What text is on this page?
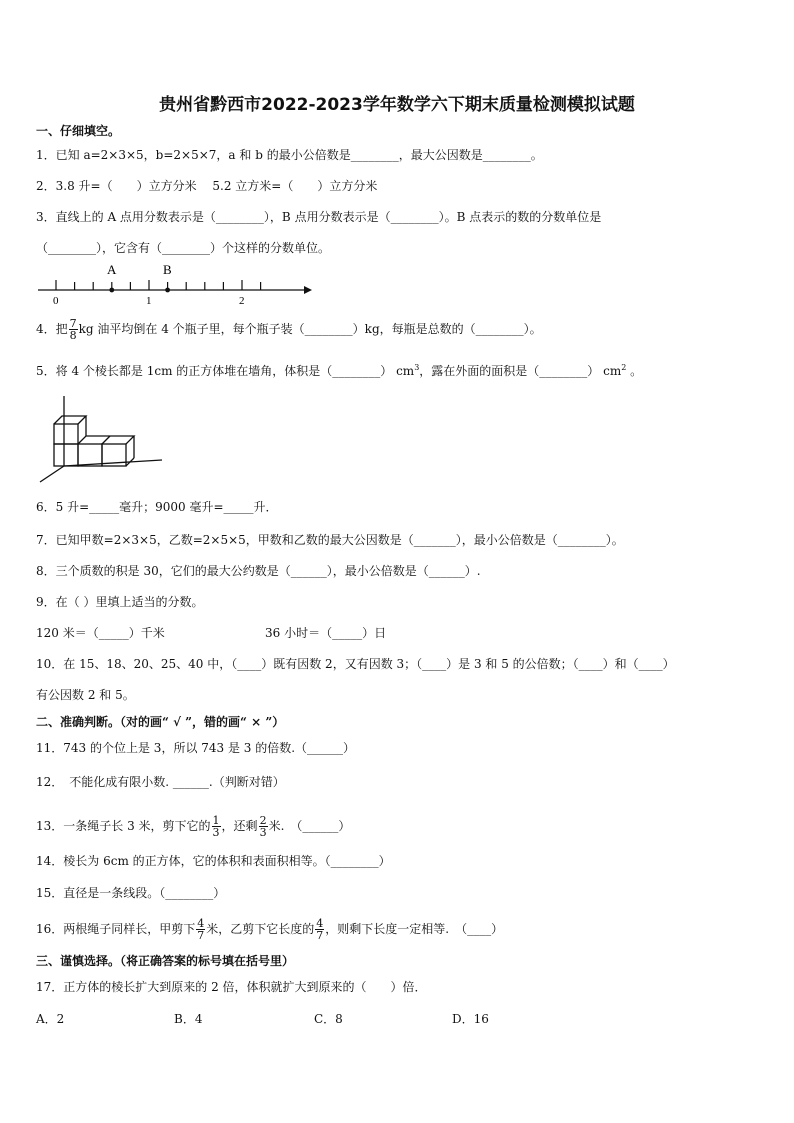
贵州省黔西市2022-2023学年数学六下期末质量检测模拟试题
一、仔细填空。
1．已知 a=2×3×5，b=2×5×7，a 和 b 的最小公倍数是________，最大公因数是________。
2．3.8 升=（　　）立方分米　 5.2 立方米=（　　）立方分米
3．直线上的 A 点用分数表示是（________），B 点用分数表示是（________）。B 点表示的数的分数单位是
（________），它含有（________）个这样的分数单位。
A	B
0	1	2
4．把 $\frac{7}{8}$ kg 油平均倒在 4 个瓶子里，每个瓶子装（________）kg，每瓶是总数的（________）。
5．将 4 个棱长都是 1cm 的正方体堆在墙角，体积是（________） $cm^3$，露在外面的面积是（________） $cm^2$ 。
6．5 升=_____毫升；9000 毫升=_____升．
7．已知甲数=2×3×5，乙数=2×5×5，甲数和乙数的最大公因数是（_______），最小公倍数是（________）。
8．三个质数的积是 30，它们的最大公约数是（______），最小公倍数是（______）.
9．在（ ）里填上适当的分数。
120 米＝（_____）千米	36 小时＝（_____）日
10．在 15、18、20、25、40 中，（____）既有因数 2，又有因数 3；（____）是 3 和 5 的公倍数；（____）和（____）
有公因数 2 和 5。
二、准确判断。（对的画“ √ ”，错的画“ × ”）
11．743 的个位上是 3，所以 743 是 3 的倍数.（______）
12．　不能化成有限小数. ______.（判断对错）
13．一条绳子长 3 米，剪下它的 $\frac{1}{3}$ ，还剩 $\frac{2}{3}$ 米.　（______）
14．棱长为 6cm 的正方体，它的体积和表面积相等。（________）
15．直径是一条线段。（________）
16．两根绳子同样长，甲剪下 $\frac{4}{7}$ 米，乙剪下它长度的 $\frac{4}{7}$ ，则剩下长度一定相等.　（____）
三、谨慎选择。（将正确答案的标号填在括号里）
17．正方体的棱长扩大到原来的 2 倍，体积就扩大到原来的（　　）倍．
A．2	B．4	C．8	D．16
